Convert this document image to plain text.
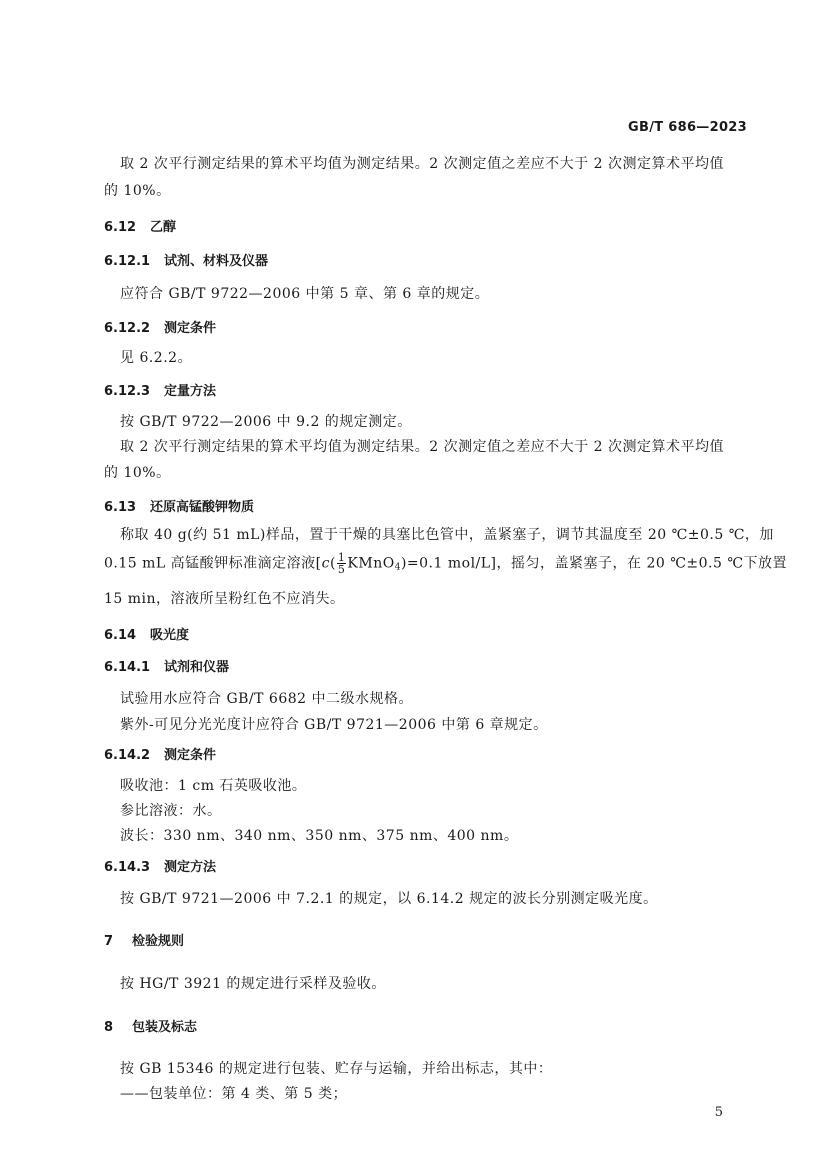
GB/T 686—2023
取 2 次平行测定结果的算术平均值为测定结果。2 次测定值之差应不大于 2 次测定算术平均值
的 10%。
6.12 乙醇
6.12.1 试剂、材料及仪器
应符合 GB/T 9722—2006 中第 5 章、第 6 章的规定。
6.12.2 测定条件
见 6.2.2。
6.12.3 定量方法
按 GB/T 9722—2006 中 9.2 的规定测定。
取 2 次平行测定结果的算术平均值为测定结果。2 次测定值之差应不大于 2 次测定算术平均值
的 10%。
6.13 还原高锰酸钾物质
称取 40 g(约 51 mL)样品，置于干燥的具塞比色管中，盖紧塞子，调节其温度至 20 ℃±0.5 ℃，加
0.15 mL 高锰酸钾标准滴定溶液[$c( \frac{1}{5}$ KMnO$_4$)=0.1 mol/L]，摇匀，盖紧塞子，在 20 ℃±0.5 ℃下放置
15 min，溶液所呈粉红色不应消失。
6.14 吸光度
6.14.1 试剂和仪器
试验用水应符合 GB/T 6682 中二级水规格。
紫外-可见分光光度计应符合 GB/T 9721—2006 中第 6 章规定。
6.14.2 测定条件
吸收池：1 cm 石英吸收池。
参比溶液：水。
波长：330 nm、340 nm、350 nm、375 nm、400 nm。
6.14.3 测定方法
按 GB/T 9721—2006 中 7.2.1 的规定，以 6.14.2 规定的波长分别测定吸光度。
7 检验规则
按 HG/T 3921 的规定进行采样及验收。
8 包装及标志
按 GB 15346 的规定进行包装、贮存与运输，并给出标志，其中：
——包装单位：第 4 类、第 5 类；
5
